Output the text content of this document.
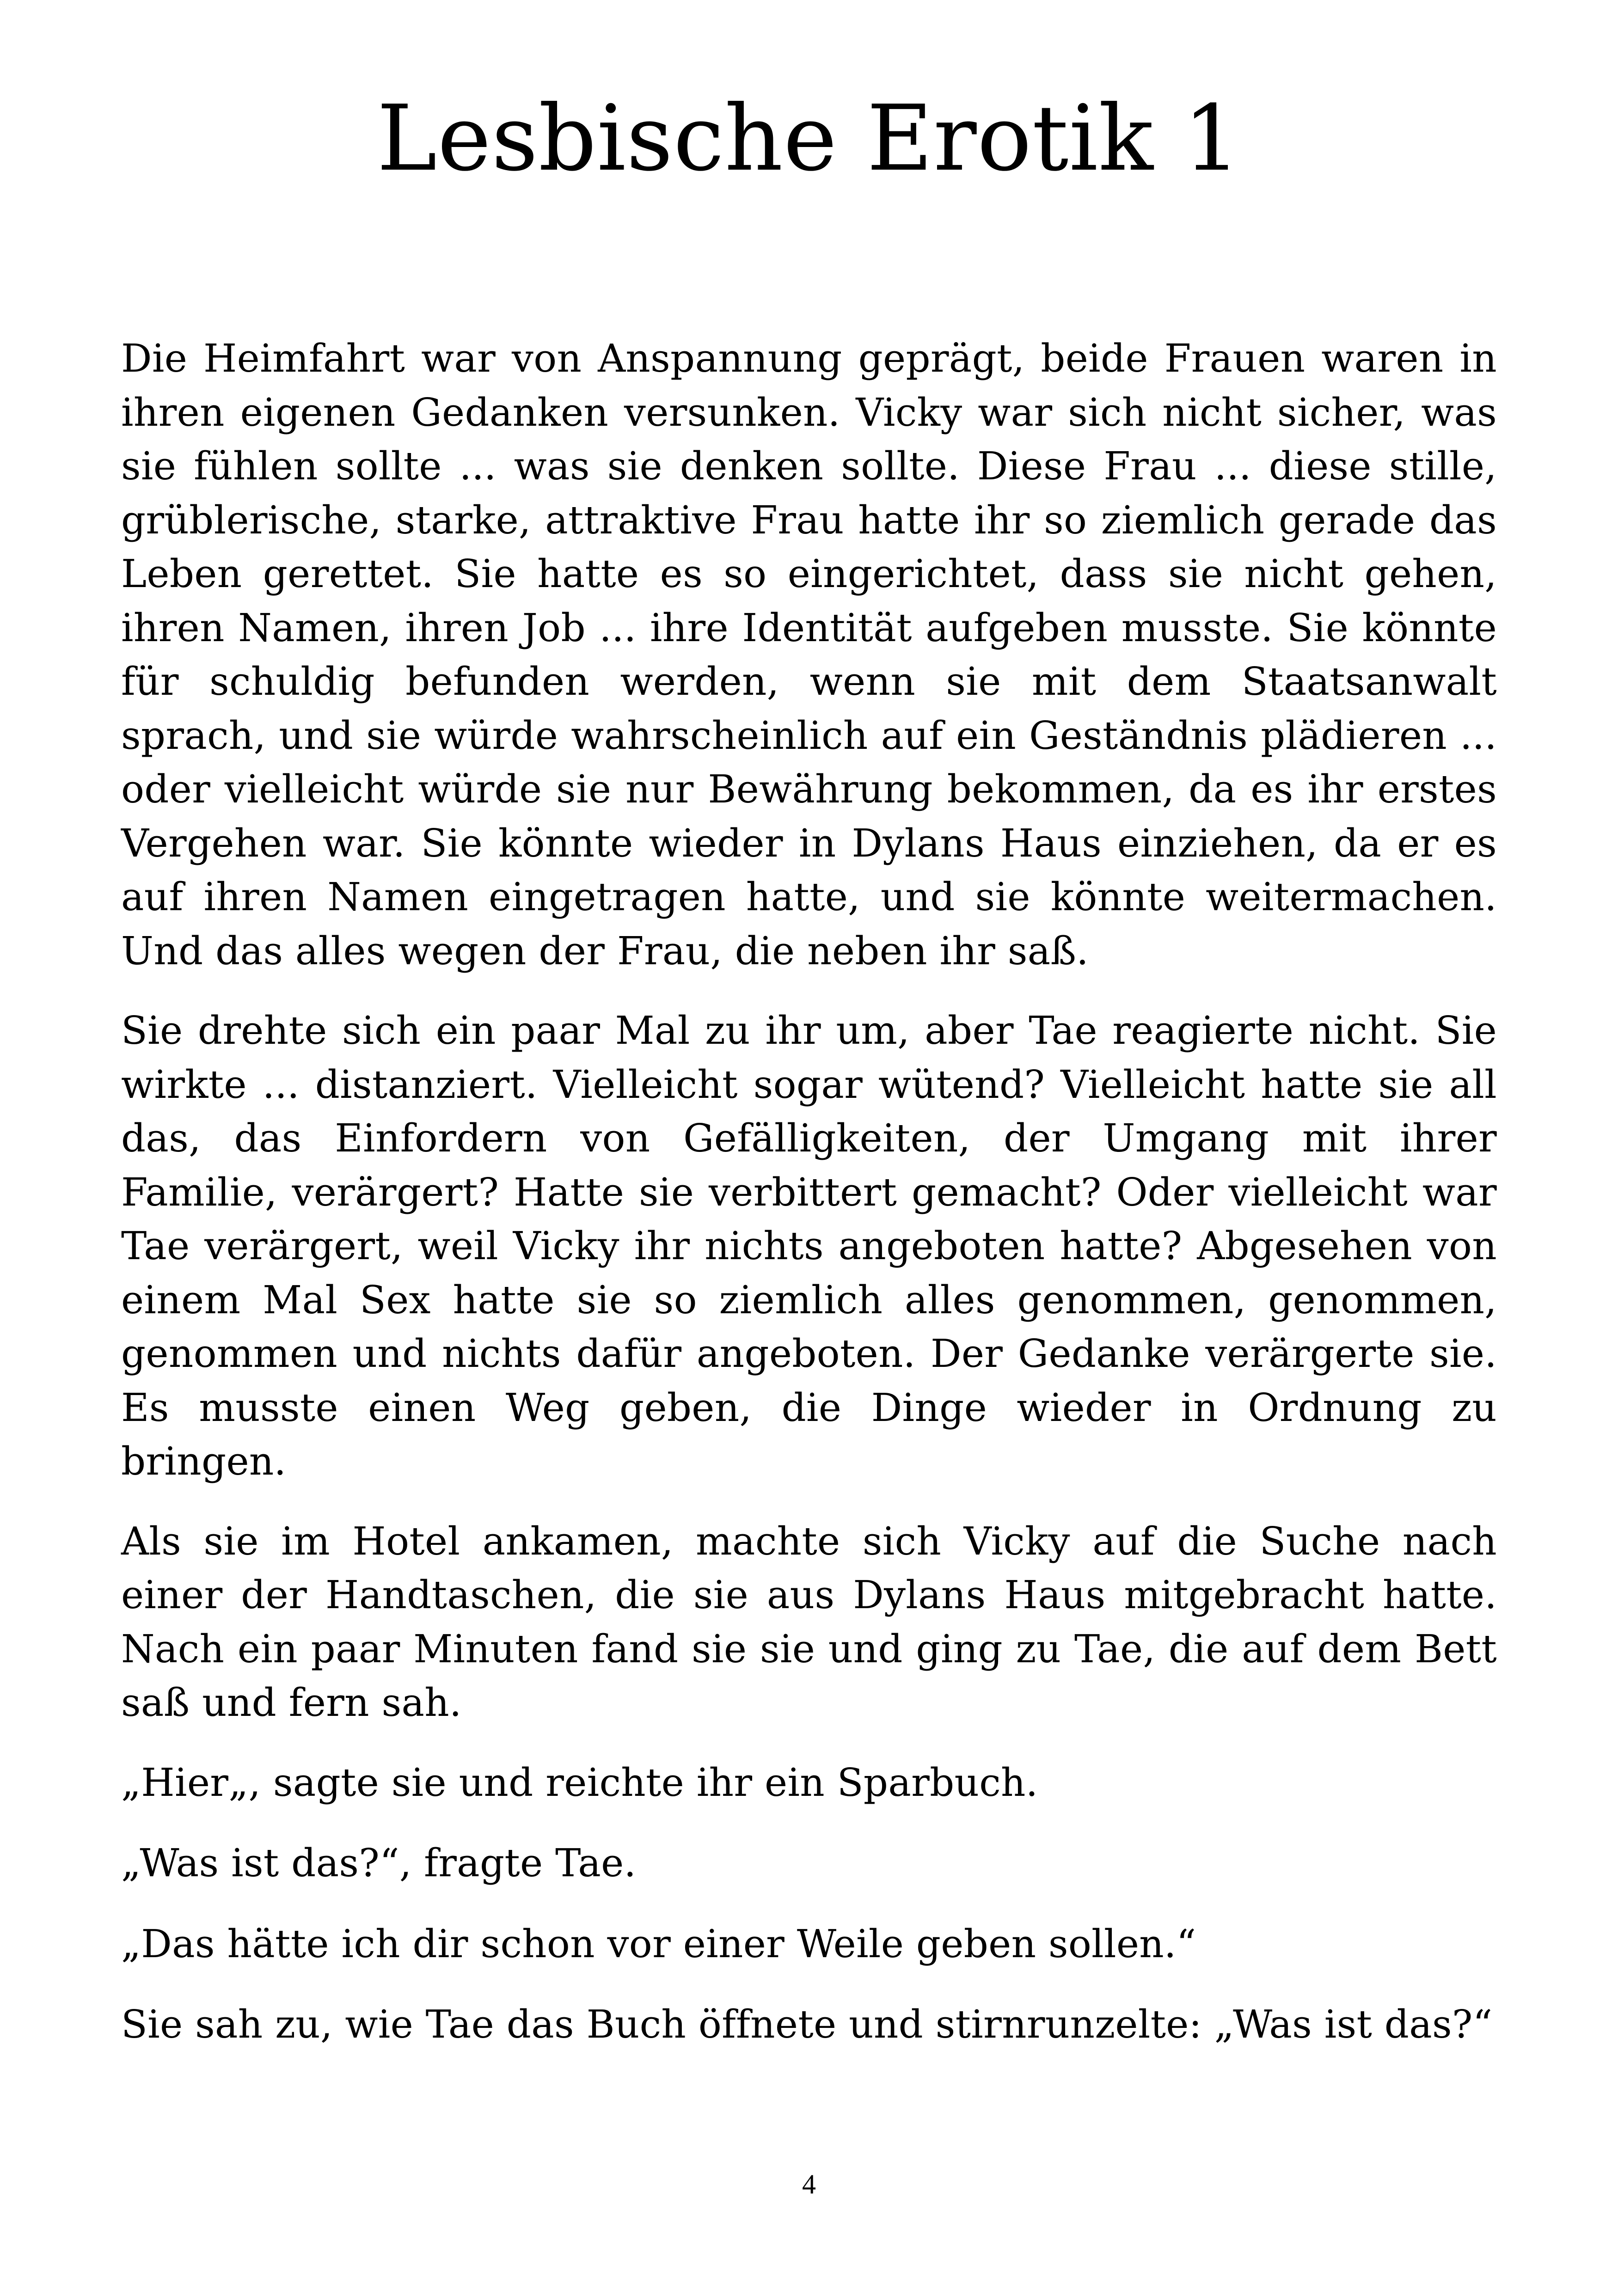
Lesbische Erotik 1

Die Heimfahrt war von Anspannung geprägt, beide Frauen waren in ihren eigenen Gedanken versunken. Vicky war sich nicht sicher, was sie fühlen sollte ... was sie denken sollte. Diese Frau ... diese stille, grüblerische, starke, attraktive Frau hatte ihr so ziemlich gerade das Leben gerettet. Sie hatte es so eingerichtet, dass sie nicht gehen, ihren Namen, ihren Job ... ihre Identität aufgeben musste. Sie könnte für schuldig befunden werden, wenn sie mit dem Staatsanwalt sprach, und sie würde wahrscheinlich auf ein Geständnis plädieren ... oder vielleicht würde sie nur Bewährung bekommen, da es ihr erstes Vergehen war. Sie könnte wieder in Dylans Haus einziehen, da er es auf ihren Namen eingetragen hatte, und sie könnte weitermachen. Und das alles wegen der Frau, die neben ihr saß.

Sie drehte sich ein paar Mal zu ihr um, aber Tae reagierte nicht. Sie wirkte ... distanziert. Vielleicht sogar wütend? Vielleicht hatte sie all das, das Einfordern von Gefälligkeiten, der Umgang mit ihrer Familie, verärgert? Hatte sie verbittert gemacht? Oder vielleicht war Tae verärgert, weil Vicky ihr nichts angeboten hatte? Abgesehen von einem Mal Sex hatte sie so ziemlich alles genommen, genommen, genommen und nichts dafür angeboten. Der Gedanke verärgerte sie. Es musste einen Weg geben, die Dinge wieder in Ordnung zu bringen.

Als sie im Hotel ankamen, machte sich Vicky auf die Suche nach einer der Handtaschen, die sie aus Dylans Haus mitgebracht hatte. Nach ein paar Minuten fand sie sie und ging zu Tae, die auf dem Bett saß und fern sah.

„Hier„, sagte sie und reichte ihr ein Sparbuch.

„Was ist das?“, fragte Tae.

„Das hätte ich dir schon vor einer Weile geben sollen.“

Sie sah zu, wie Tae das Buch öffnete und stirnrunzelte: „Was ist das?“

4
